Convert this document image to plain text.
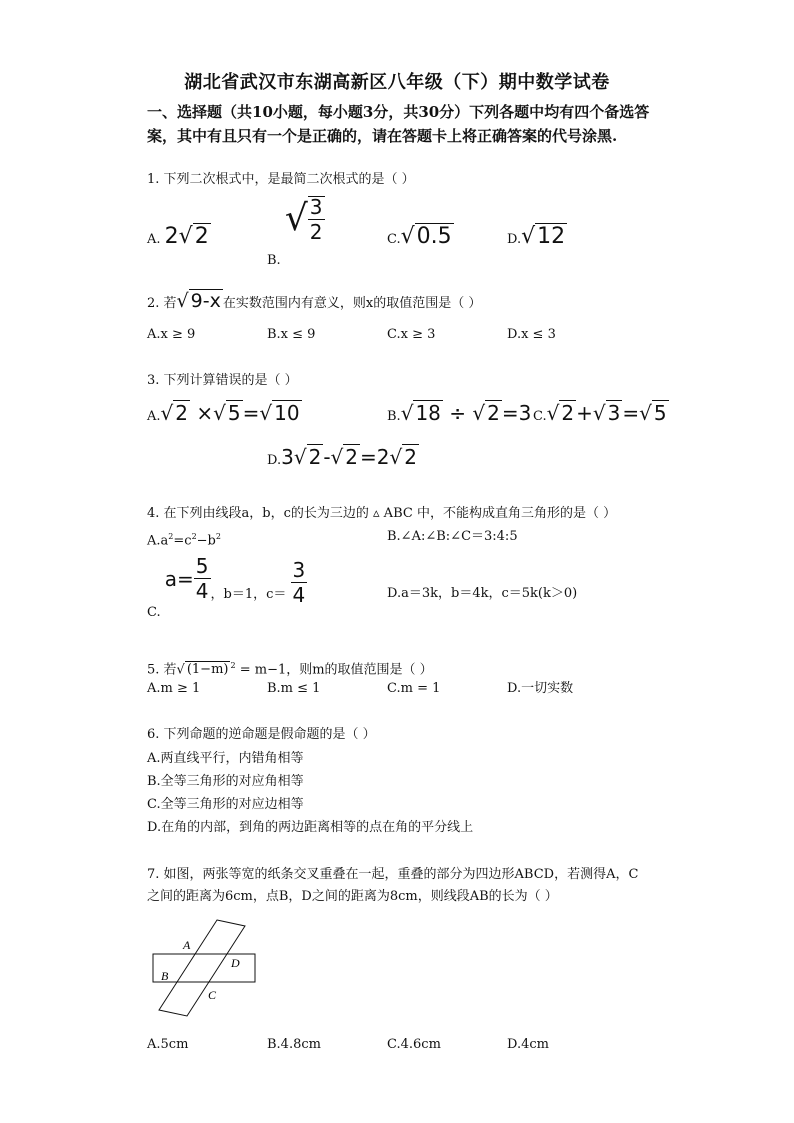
湖北省武汉市东湖高新区八年级（下）期中数学试卷
一、选择题（共10小题，每小题3分，共30分）下列各题中均有四个备选答案，其中有且只有一个是正确的，请在答题卡上将正确答案的代号涂黑.
1. 下列二次根式中，是最简二次根式的是（ ）
A. 2√2
B.
√ $\frac{3}{2}$	C.√0.5	D.√12
2. 若√ 9-x 在实数范围内有意义，则x的取值范围是（ ）
A.x ≥ 9	B.x ≤ 9	C.x ≥ 3	D.x ≤ 3
3. 下列计算错误的是（ ）
A.√ 2 ×√ 5 =√ 10	B.√ 18 ÷ √ 2 =3 C.√ 2 +√ 3 =√ 5
D.3√ 2 -√ 2 =2√ 2
4. 在下列由线段a，b，c的长为三边的 ▵ ABC 中，不能构成直角三角形的是（ ）
$A.a^2=c^2-b^2$	B.∠A:∠B:∠C＝3:4:5
C.
$a= \frac{5}{4}$ ，b＝1，$c= \frac{3}{4}$	D.a＝3k，b＝4k，c＝5k(k＞0)
5. 若√ (1−m) $^2$ = m−1，则m的取值范围是（ ）
A.m ≥ 1	B.m ≤ 1	C.m = 1	D.一切实数
6. 下列命题的逆命题是假命题的是（ ）
A.两直线平行，内错角相等
B.全等三角形的对应角相等
C.全等三角形的对应边相等
D.在角的内部，到角的两边距离相等的点在角的平分线上
7. 如图，两张等宽的纸条交叉重叠在一起，重叠的部分为四边形ABCD，若测得A，C
之间的距离为6cm，点B，D之间的距离为8cm，则线段AB的长为（ ）
A
B
D
C
A.5cm	B.4.8cm	C.4.6cm	D.4cm
